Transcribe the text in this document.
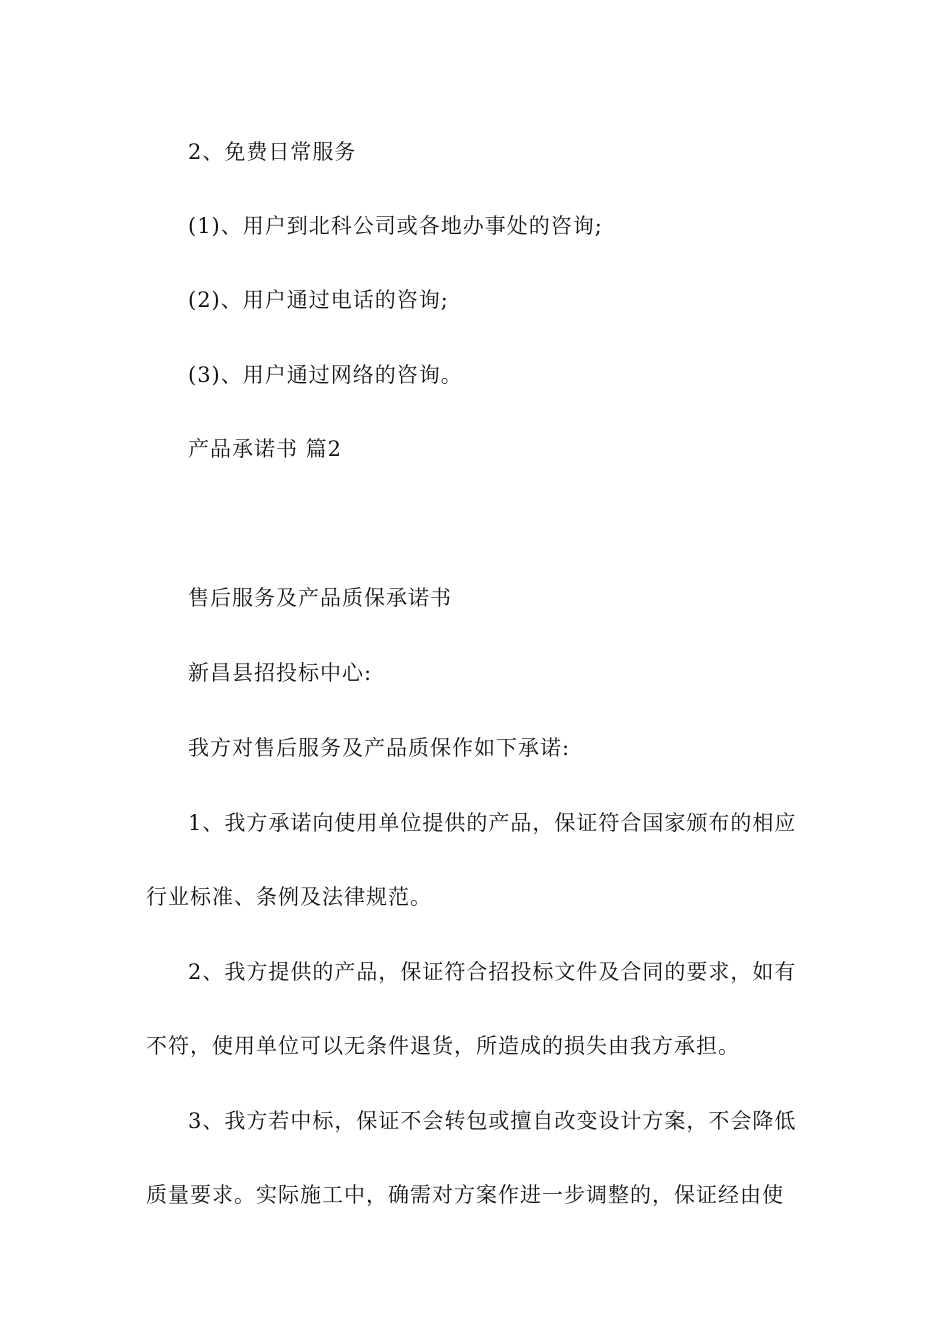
2、免费日常服务
(1)、用户到北科公司或各地办事处的咨询;
(2)、用户通过电话的咨询;
(3)、用户通过网络的咨询。
产品承诺书 篇2
售后服务及产品质保承诺书
新昌县招投标中心:
我方对售后服务及产品质保作如下承诺:
1、我方承诺向使用单位提供的产品，保证符合国家颁布的相应
行业标准、条例及法律规范。
2、我方提供的产品，保证符合招投标文件及合同的要求，如有
不符，使用单位可以无条件退货，所造成的损失由我方承担。
3、我方若中标，保证不会转包或擅自改变设计方案，不会降低
质量要求。实际施工中，确需对方案作进一步调整的，保证经由使
